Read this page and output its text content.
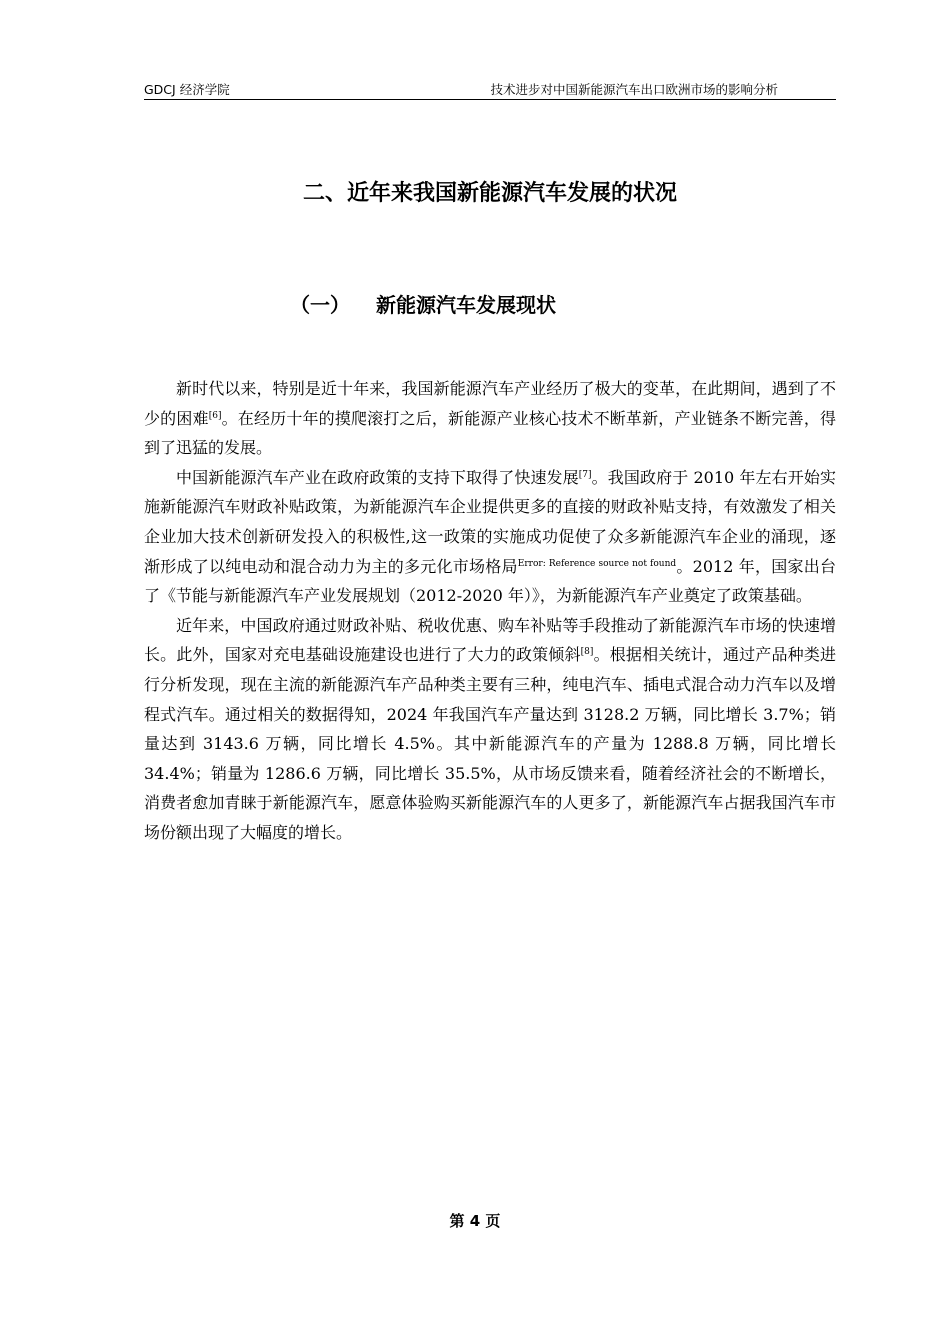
GDCJ 经济学院	技术进步对中国新能源汽车出口欧洲市场的影响分析
二、近年来我国新能源汽车发展的状况
（一） 新能源汽车发展现状

新时代以来，特别是近十年来，我国新能源汽车产业经历了极大的变革，在此期间，遇到了不少的困难[6]。在经历十年的摸爬滚打之后，新能源产业核心技术不断革新，产业链条不断完善，得到了迅猛的发展。

中国新能源汽车产业在政府政策的支持下取得了快速发展[7]。我国政府于 2010 年左右开始实施新能源汽车财政补贴政策，为新能源汽车企业提供更多的直接的财政补贴支持，有效激发了相关企业加大技术创新研发投入的积极性,这一政策的实施成功促使了众多新能源汽车企业的涌现，逐渐形成了以纯电动和混合动力为主的多元化市场格局$^{Error: Reference source not found}$。2012 年，国家出台了《节能与新能源汽车产业发展规划（2012-2020 年）》，为新能源汽车产业奠定了政策基础。

近年来，中国政府通过财政补贴、税收优惠、购车补贴等手段推动了新能源汽车市场的快速增长。此外，国家对充电基础设施建设也进行了大力的政策倾斜[8]。根据相关统计，通过产品种类进行分析发现，现在主流的新能源汽车产品种类主要有三种，纯电汽车、插电式混合动力汽车以及增程式汽车。通过相关的数据得知，2024 年我国汽车产量达到 3128.2 万辆，同比增长 3.7%；销量达到 3143.6 万辆，同比增长 4.5%。其中新能源汽车的产量为 1288.8 万辆，同比增长 34.4%；销量为 1286.6 万辆，同比增长 35.5%，从市场反馈来看，随着经济社会的不断增长，消费者愈加青睐于新能源汽车，愿意体验购买新能源汽车的人更多了，新能源汽车占据我国汽车市场份额出现了大幅度的增长。

第 4 页
